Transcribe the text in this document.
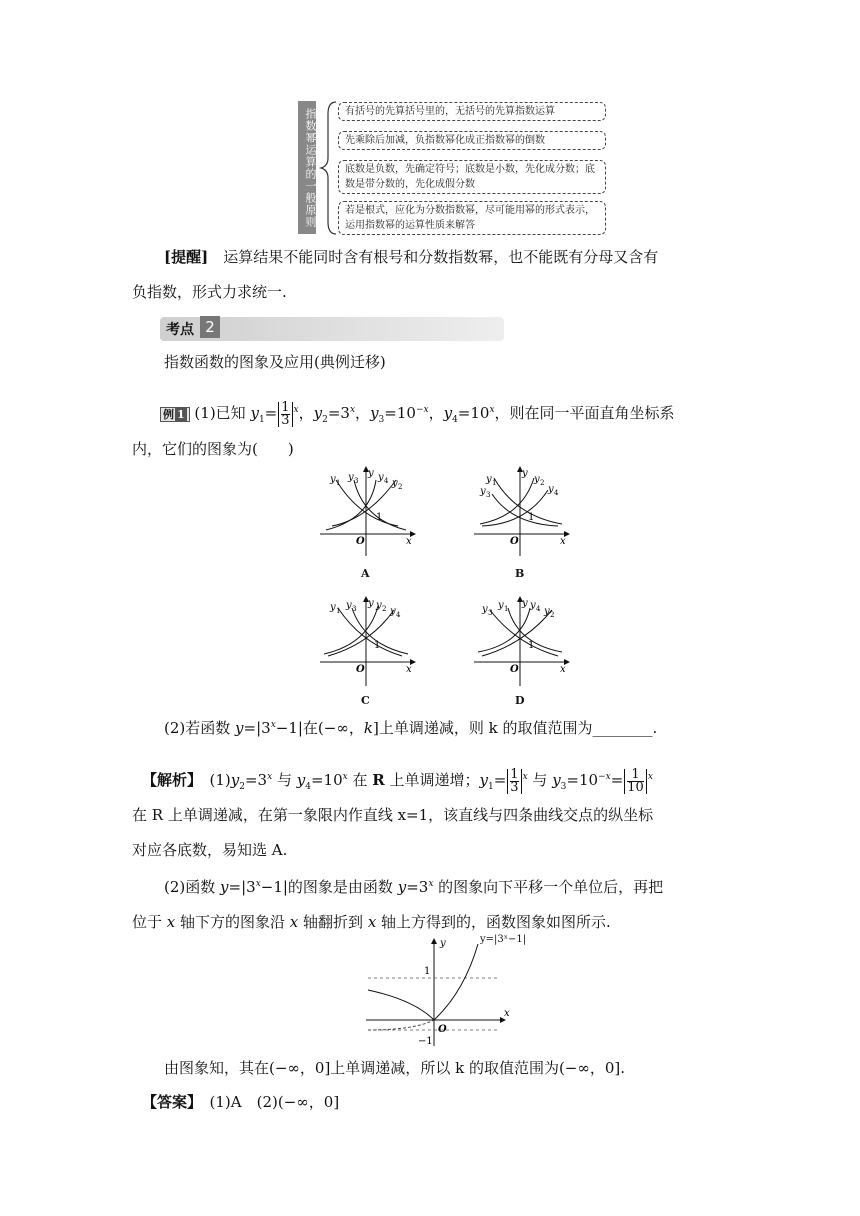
指数幂运算的一般原则	有括号的先算括号里的，无括号的先算指数运算
先乘除后加减，负指数幂化成正指数幂的倒数
底数是负数，先确定符号；底数是小数，先化成分数；底数是带分数的，先化成假分数
若是根式，应化为分数指数幂，尽可能用幂的形式表示，运用指数幂的运算性质来解答
[提醒]　 运算结果不能同时含有根号和分数指数幂，也不能既有分母又含有
负指数，形式力求统一.
考点 2
指数函数的图象及应用(典例迁移)
例 1 (1)已知 $y_1= \frac{1}{3} ^x$，$y_2=3^x$，$y_3=10^{-x}$，$y_4=10^x$，则在同一平面直角坐标系
内，它们的图象为(　　)
y 1 y 3
y y 4 y 2
1
O	x
A
y 1
y 3
y
y 2
y 4
1
O	x
B
y 1 y 3 y y 2 y 4
1
O	x
C
y 3
y 1 y y 4 y 2
1
O	x
D
(2)若函数 $y=|3^x-1|$在(−∞，k]上单调递减，则 k 的取值范围为________.
【解析】　$(1)y_2=3^x$ 与 $y_4=10^x$ 在 R 上单调递增；$y_1= \frac{1}{3} ^x$ 与 $y_3=10^{-x}= \frac{1}{10} ^x$
在 R 上单调递减，在第一象限内作直线 x=1，该直线与四条曲线交点的纵坐标
对应各底数，易知选 A.
(2)函数 $y=|3^x-1|$的图象是由函数 $y=3^x$ 的图象向下平移一个单位后，再把
位于 x 轴下方的图象沿 x 轴翻折到 x 轴上方得到的，函数图象如图所示.
y
1
O
−1
x
y=|3ˣ−1|
由图象知，其在(−∞，0]上单调递减，所以 k 的取值范围为(−∞，0].
【答案】　 (1)A　(2)(−∞，0]
